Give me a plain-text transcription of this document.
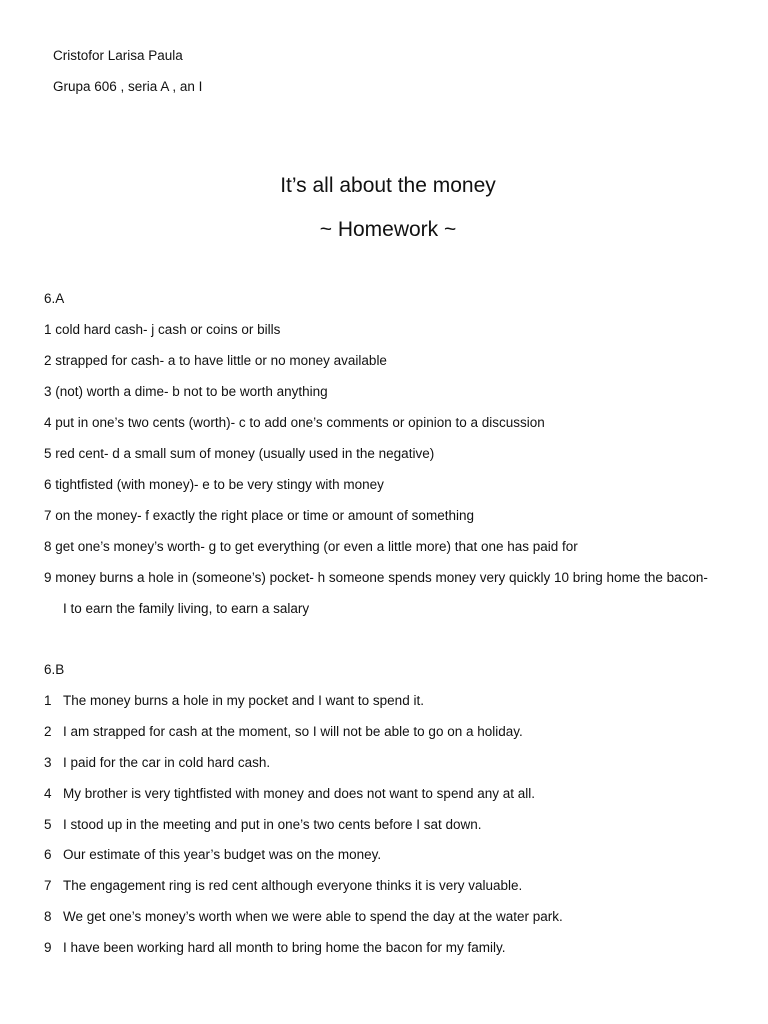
Cristofor Larisa Paula
Grupa 606 , seria A , an I
It’s all about the money
~ Homework ~
6.A
1 cold hard cash- j cash or coins or bills
2 strapped for cash- a to have little or no money available
3 (not) worth a dime- b not to be worth anything
4 put in one’s two cents (worth)- c to add one’s comments or opinion to a discussion
5 red cent- d a small sum of money (usually used in the negative)
6 tightfisted (with money)- e to be very stingy with money
7 on the money- f exactly the right place or time or amount of something
8 get one’s money’s worth- g to get everything (or even a little more) that one has paid for
9 money burns a hole in (someone’s) pocket- h someone spends money very quickly 10 bring home the bacon-
I to earn the family living, to earn a salary
6.B
1 The money burns a hole in my pocket and I want to spend it.
2 I am strapped for cash at the moment, so I will not be able to go on a holiday.
3 I paid for the car in cold hard cash.
4 My brother is very tightfisted with money and does not want to spend any at all.
5 I stood up in the meeting and put in one’s two cents before I sat down.
6 Our estimate of this year’s budget was on the money.
7 The engagement ring is red cent although everyone thinks it is very valuable.
8 We get one’s money’s worth when we were able to spend the day at the water park.
9 I have been working hard all month to bring home the bacon for my family.
